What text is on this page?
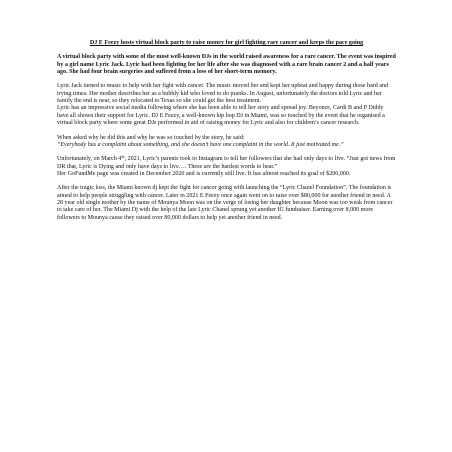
DJ E Feezy hosts virtual block party to raise money for girl fighting rare cancer and keeps the pace going

A virtual block party with some of the most well-known DJs in the world raised awareness for a rare cancer. The event was inspired by a girl name Lyric Jack. Lyric had been fighting for her life after she was diagnosed with a rare brain cancer 2 and a half years ago. She had four brain surgeries and suffered from a loss of her short-term memory.

Lyric Jack turned to music to help with her fight with cancer. The music moved her and kept her upbeat and happy during those hard and trying times. Her mother describes her as a bubbly kid who loved to do pranks. In August, unfortunately the doctors told Lyric and her family the end is near, so they relocated to Texas so she could get the best treatment.

Lyric has an impressive social media following where she has been able to tell her story and spread joy. Beyonce, Cardi B and P Diddy have all shown their support for Lyric. DJ E Feezy, a well-known hip hop DJ in Miami, was so touched by the event that he organised a virtual block party where some great DJs performed in aid of raising money for Lyric and also for children’s cancer research.

When asked why he did this and why he was so touched by the story, he said:

“Everybody has a complaint about something, and she doesn’t have one complaint in the world. It just motivated me.”

Unfortunately, on March 4th, 2021, Lyric’s parents took to Instagram to tell her followers that she had only days to live. “Just got news from DR that, Lyric is Dying and only have days to live…. These are the hardest words to hear.”

Her GoFundMe page was created in December 2020 and is currently still live. It has almost reached its goal of $200,000.

After the tragic loss, the Miami known dj kept the fight for cancer going with launching the “Lyric Chanel Foundation”. The foundation is aimed to help people struggling with cancer. Later in 2021 E Feezy once again went on to raise over $80,000 for another friend in need. A 28 year old single mother by the name of Mounya Moon was on the verge of losing her daughter because Moon was too weak from cancer to take care of her. The Miami Dj with the help of the late Lyric Chanel sprung yet another IG fundraiser. Earning over 8,000 more followers to Mounya cause they raised over 80,000 dollars to help yet another friend in need.
